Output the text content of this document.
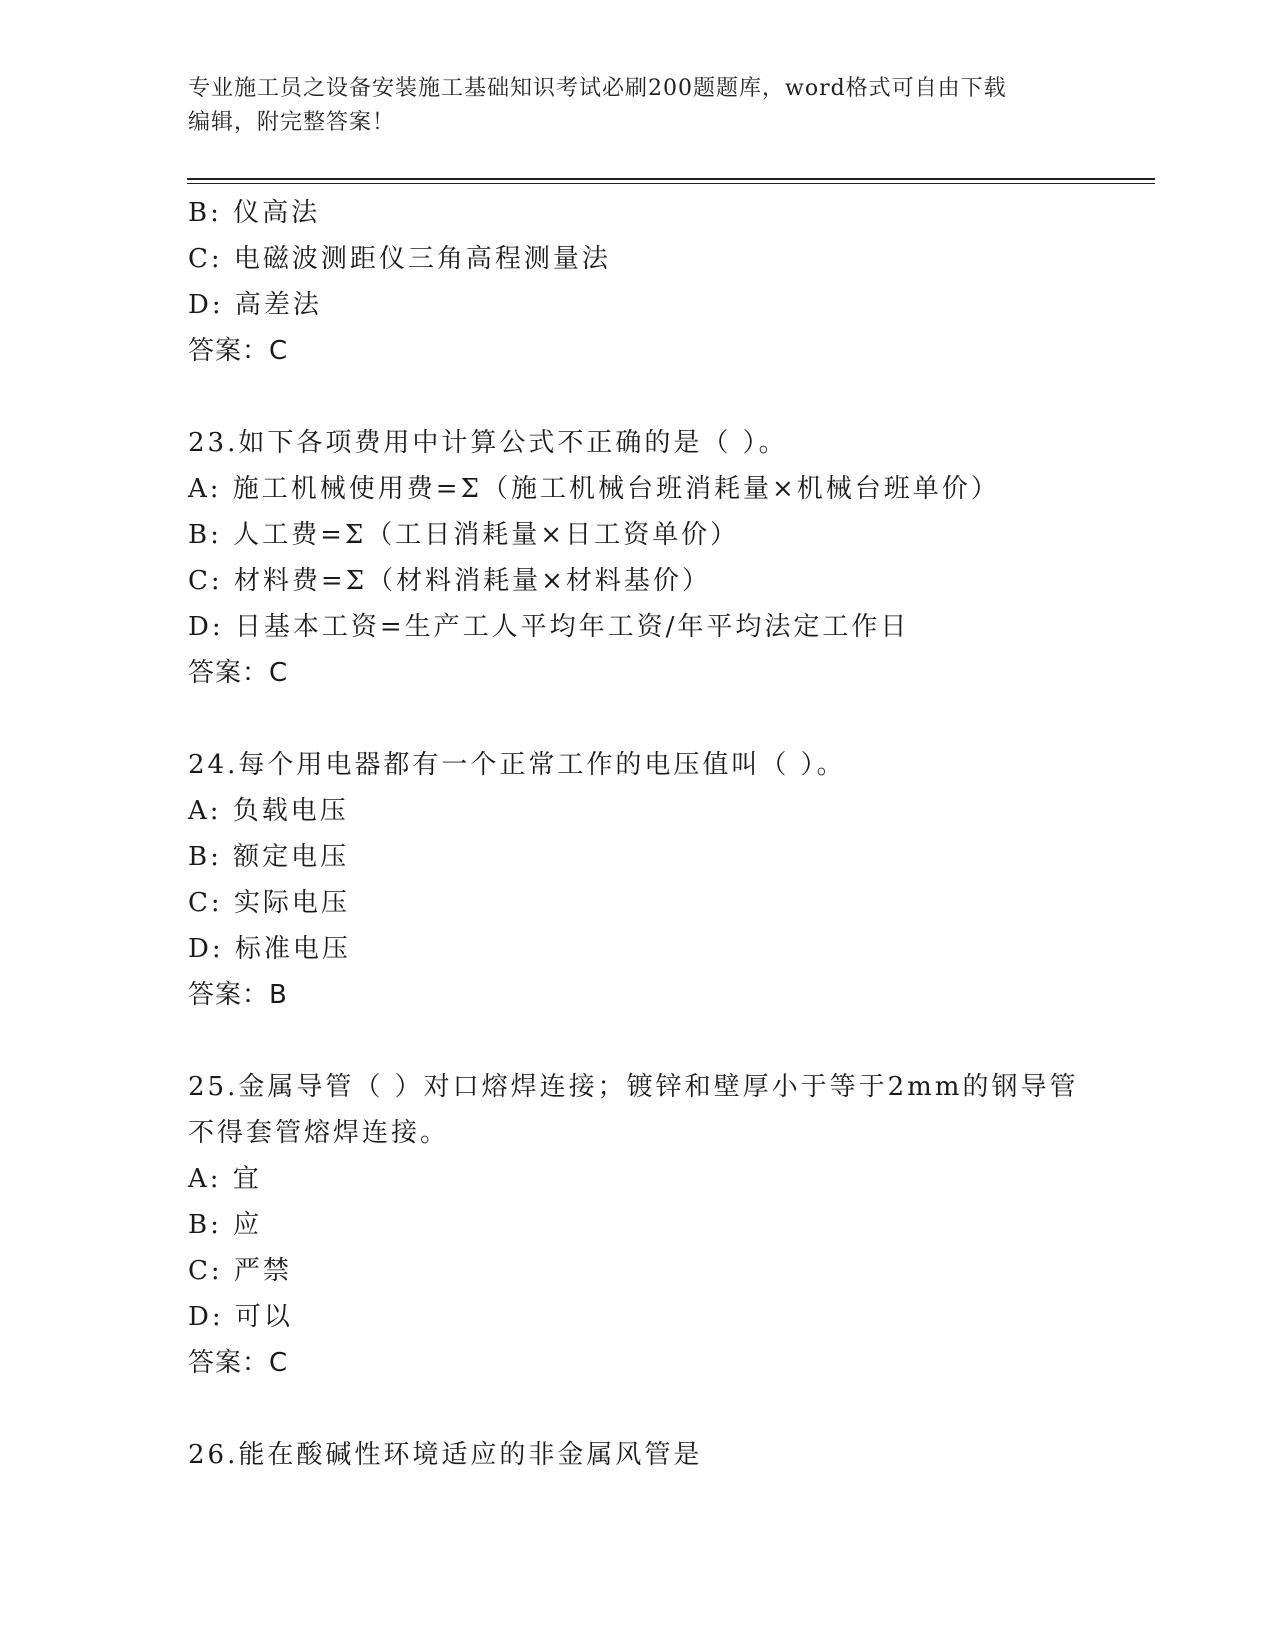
专业施工员之设备安装施工基础知识考试必刷200题题库，word格式可自由下载
编辑，附完整答案！
B: 仪高法
C: 电磁波测距仪三角高程测量法
D: 高差法
答案：C
23.如下各项费用中计算公式不正确的是（ ）。
A: 施工机械使用费=Σ（施工机械台班消耗量×机械台班单价）
B: 人工费=Σ（工日消耗量×日工资单价）
C: 材料费=Σ（材料消耗量×材料基价）
D: 日基本工资=生产工人平均年工资/年平均法定工作日
答案：C
24.每个用电器都有一个正常工作的电压值叫（ ）。
A: 负载电压
B: 额定电压
C: 实际电压
D: 标准电压
答案：B
25.金属导管（ ）对口熔焊连接；镀锌和壁厚小于等于2mm的钢导管
不得套管熔焊连接。
A: 宜
B: 应
C: 严禁
D: 可以
答案：C
26.能在酸碱性环境适应的非金属风管是
